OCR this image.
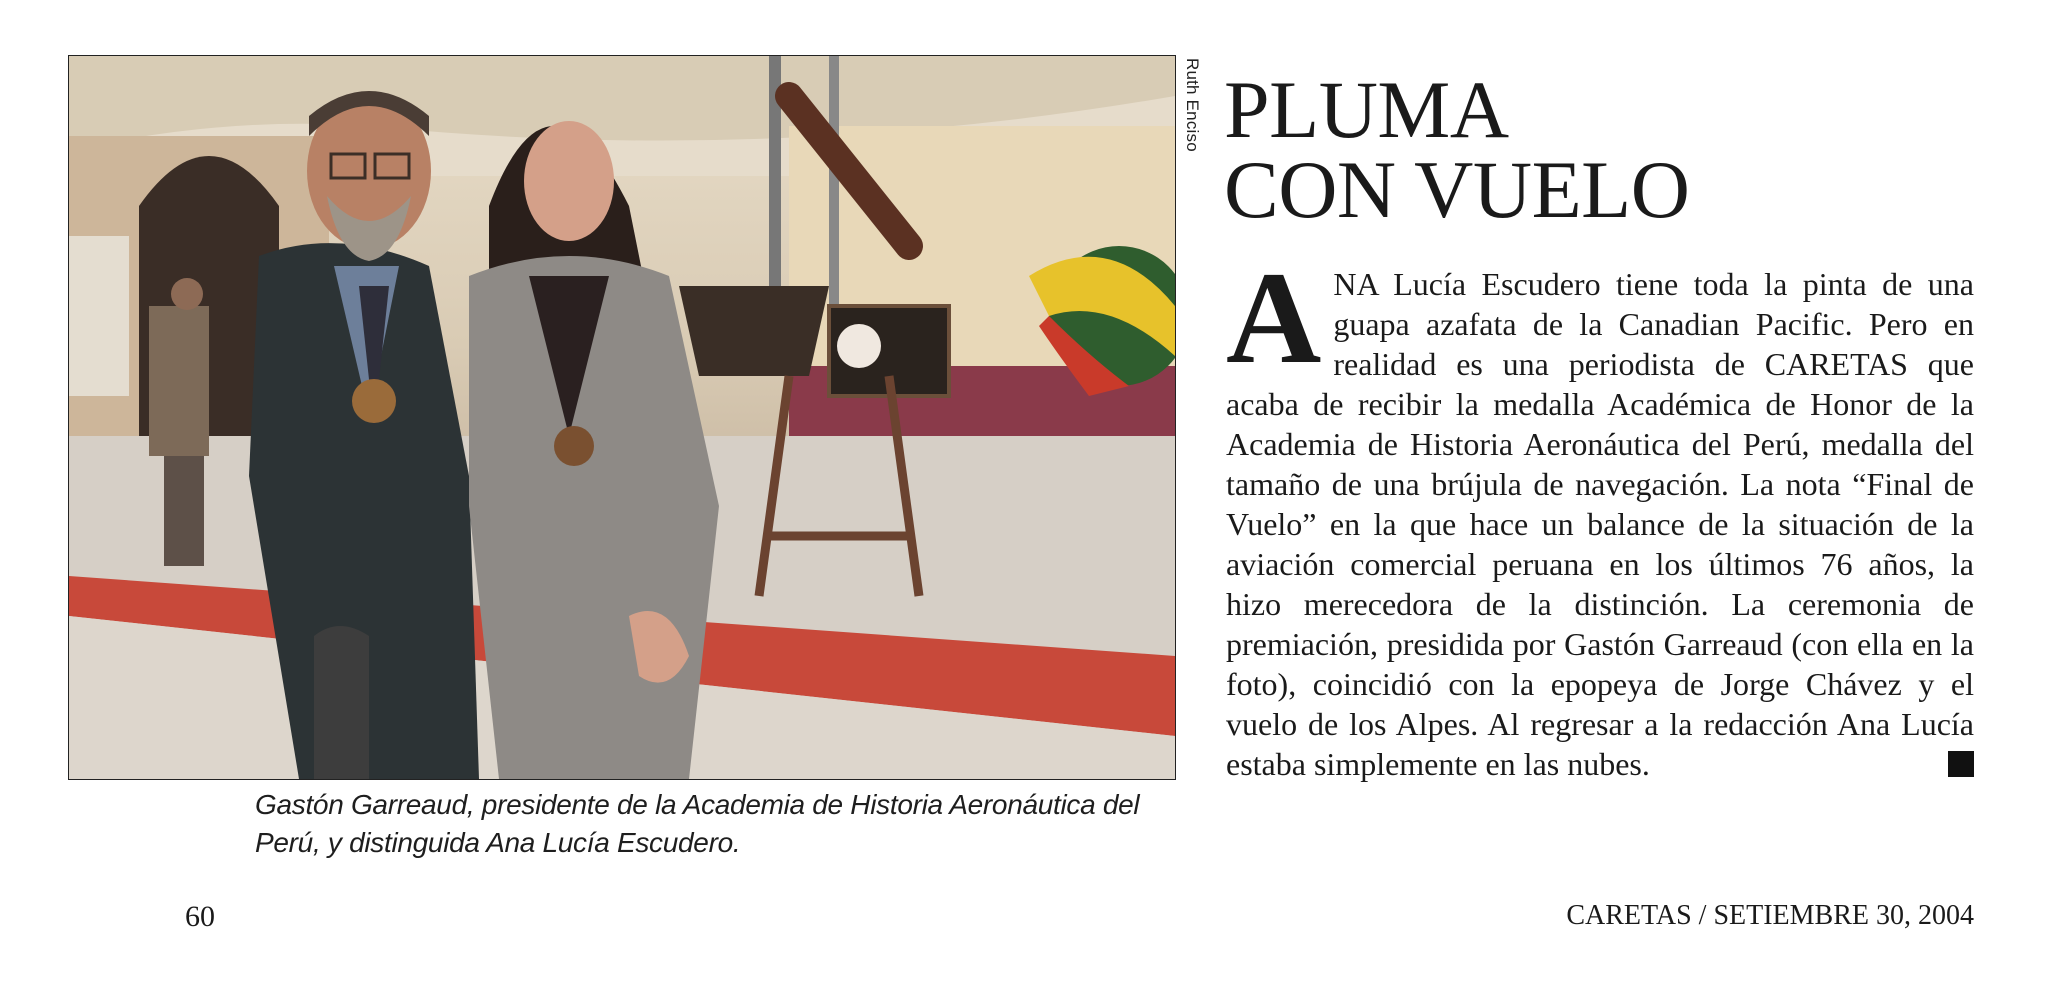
Ruth Enciso
Gastón Garreaud, presidente de la Academia de Historia Aeronáutica del Perú, y distinguida Ana Lucía Escudero.
PLUMA
CON VUELO
ANA Lucía Escudero tiene toda la pinta de una guapa azafata de la Canadian Pacific. Pero en realidad es una periodista de CARETAS que acaba de recibir la medalla Académica de Honor de la Academia de Historia Aeronáutica del Perú, medalla del tamaño de una brújula de navegación. La nota “Final de Vuelo” en la que hace un balance de la situación de la aviación comercial peruana en los últimos 76 años, la hizo merecedora de la distinción. La ceremonia de premiación, presidida por Gastón Garreaud (con ella en la foto), coincidió con la epopeya de Jorge Chávez y el vuelo de los Alpes. Al regresar a la redacción Ana Lucía estaba simplemente en las nubes.
60	CARETAS / SETIEMBRE 30, 2004
